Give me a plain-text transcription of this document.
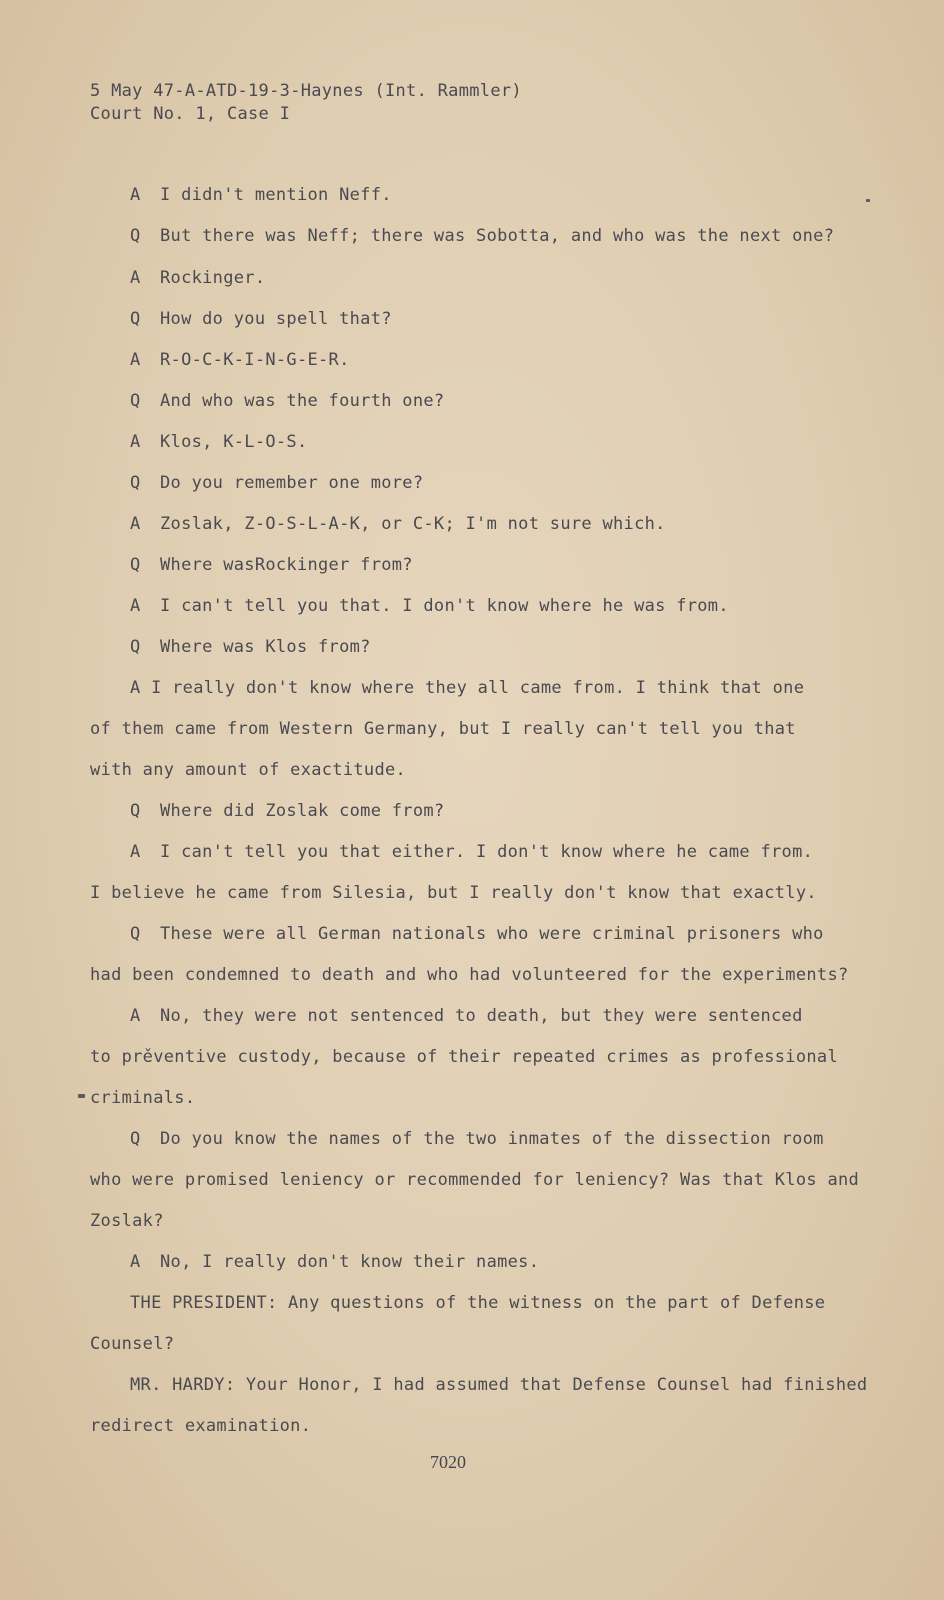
5 May 47-A-ATD-19-3-Haynes (Int. Rammler)
Court No. 1, Case I
A I didn't mention Neff.
Q But there was Neff; there was Sobotta, and who was the next one?
A Rockinger.
Q How do you spell that?
A R-O-C-K-I-N-G-E-R.
Q And who was the fourth one?
A Klos, K-L-O-S.
Q Do you remember one more?
A Zoslak, Z-O-S-L-A-K, or C-K; I'm not sure which.
Q Where wasRockinger from?
A I can't tell you that. I don't know where he was from.
Q Where was Klos from?
A I really don't know where they all came from. I think that one
of them came from Western Germany, but I really can't tell you that
with any amount of exactitude.
Q Where did Zoslak come from?
A I can't tell you that either. I don't know where he came from.
I believe he came from Silesia, but I really don't know that exactly.
Q These were all German nationals who were criminal prisoners who
had been condemned to death and who had volunteered for the experiments?
A No, they were not sentenced to death, but they were sentenced
to prěventive custody, because of their repeated crimes as professional
criminals.
Q Do you know the names of the two inmates of the dissection room
who were promised leniency or recommended for leniency? Was that Klos and
Zoslak?
A No, I really don't know their names.
THE PRESIDENT: Any questions of the witness on the part of Defense
Counsel?
MR. HARDY: Your Honor, I had assumed that Defense Counsel had finished
redirect examination.
7020
